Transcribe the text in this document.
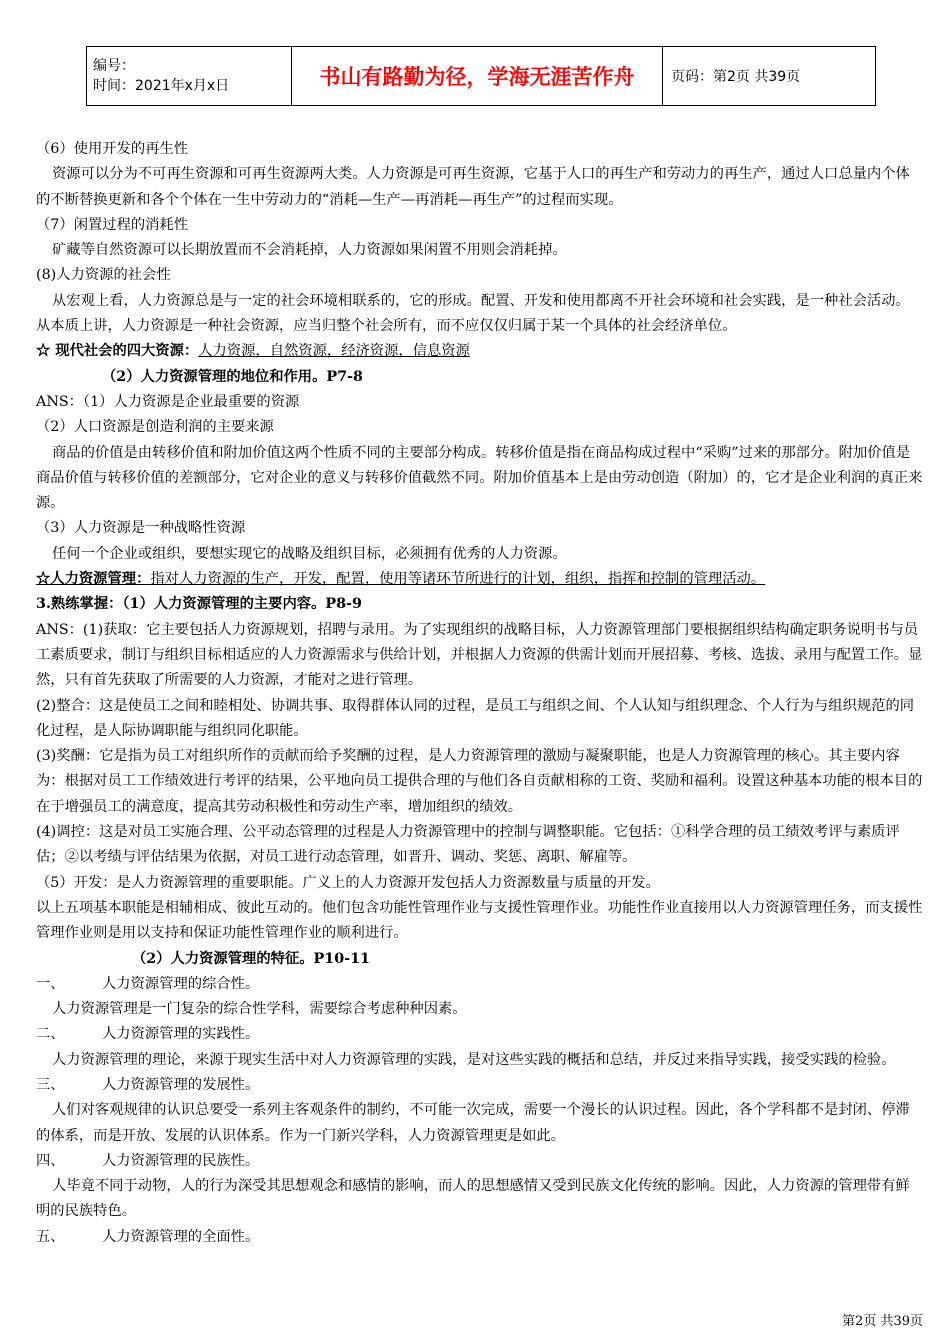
编号：
时间：2021年x月x日	书山有路勤为径，学海无涯苦作舟	页码：第2页 共39页

（6）使用开发的再生性

资源可以分为不可再生资源和可再生资源两大类。人力资源是可再生资源，它基于人口的再生产和劳动力的再生产，通过人口总量内个体的不断替换更新和各个个体在一生中劳动力的“消耗—生产—再消耗—再生产”的过程而实现。

（7）闲置过程的消耗性

矿藏等自然资源可以长期放置而不会消耗掉，人力资源如果闲置不用则会消耗掉。

(8)人力资源的社会性

从宏观上看，人力资源总是与一定的社会环境相联系的，它的形成。配置、开发和使用都离不开社会环境和社会实践，是一种社会活动。从本质上讲，人力资源是一种社会资源，应当归整个社会所有，而不应仅仅归属于某一个具体的社会经济单位。

☆ 现代社会的四大资源：人力资源，自然资源，经济资源，信息资源

（2）人力资源管理的地位和作用。P7-8

ANS：（1）人力资源是企业最重要的资源

（2）人口资源是创造利润的主要来源

商品的价值是由转移价值和附加价值这两个性质不同的主要部分构成。转移价值是指在商品构成过程中“采购”过来的那部分。附加价值是商品价值与转移价值的差额部分，它对企业的意义与转移价值截然不同。附加价值基本上是由劳动创造（附加）的，它才是企业利润的真正来源。

（3）人力资源是一种战略性资源

任何一个企业或组织，要想实现它的战略及组织目标，必须拥有优秀的人力资源。

☆人力资源管理：指对人力资源的生产，开发，配置，使用等诸环节所进行的计划，组织，指挥和控制的管理活动。

3.熟练掌握：（1）人力资源管理的主要内容。P8-9

ANS：(1)获取：它主要包括人力资源规划，招聘与录用。为了实现组织的战略目标，人力资源管理部门要根据组织结构确定职务说明书与员工素质要求，制订与组织目标相适应的人力资源需求与供给计划，并根据人力资源的供需计划而开展招募、考核、选拔、录用与配置工作。显然，只有首先获取了所需要的人力资源，才能对之进行管理。

(2)整合：这是使员工之间和睦相处、协调共事、取得群体认同的过程，是员工与组织之间、个人认知与组织理念、个人行为与组织规范的同化过程，是人际协调职能与组织同化职能。

(3)奖酬：它是指为员工对组织所作的贡献而给予奖酬的过程，是人力资源管理的激励与凝聚职能，也是人力资源管理的核心。其主要内容为：根据对员工工作绩效进行考评的结果，公平地向员工提供合理的与他们各自贡献相称的工资、奖励和福利。设置这种基本功能的根本目的在于增强员工的满意度，提高其劳动积极性和劳动生产率，增加组织的绩效。

(4)调控：这是对员工实施合理、公平动态管理的过程是人力资源管理中的控制与调整职能。它包括：①科学合理的员工绩效考评与素质评估；②以考绩与评估结果为依据，对员工进行动态管理，如晋升、调动、奖惩、离职、解雇等。

（5）开发：是人力资源管理的重要职能。广义上的人力资源开发包括人力资源数量与质量的开发。

以上五项基本职能是相辅相成、彼此互动的。他们包含功能性管理作业与支援性管理作业。功能性作业直接用以人力资源管理任务，而支援性管理作业则是用以支持和保证功能性管理作业的顺利进行。

（2）人力资源管理的特征。P10-11

一、	人力资源管理的综合性。

人力资源管理是一门复杂的综合性学科，需要综合考虑种种因素。

二、	人力资源管理的实践性。

人力资源管理的理论，来源于现实生活中对人力资源管理的实践，是对这些实践的概括和总结，并反过来指导实践，接受实践的检验。

三、	人力资源管理的发展性。

人们对客观规律的认识总要受一系列主客观条件的制约，不可能一次完成，需要一个漫长的认识过程。因此，各个学科都不是封闭、停滞的体系，而是开放、发展的认识体系。作为一门新兴学科，人力资源管理更是如此。

四、	人力资源管理的民族性。

人毕竟不同于动物，人的行为深受其思想观念和感情的影响，而人的思想感情又受到民族文化传统的影响。因此，人力资源的管理带有鲜明的民族特色。

五、	人力资源管理的全面性。

第2页 共39页
